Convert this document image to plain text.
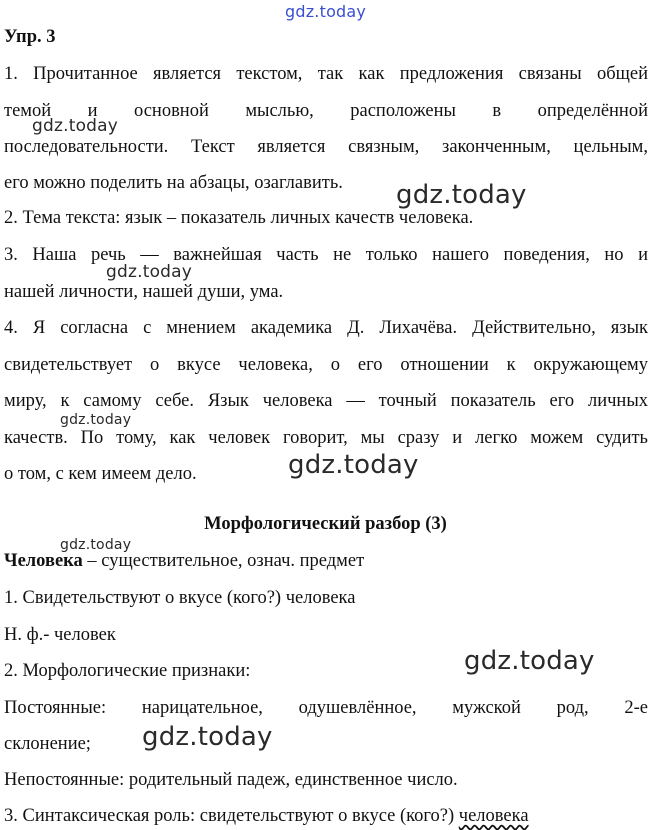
gdz.today
gdz.today
gdz.today
gdz.today
gdz.today
gdz.today
gdz.today
gdz.today
gdz.today
Упр. 3
1. Прочитанное является текстом, так как предложения связаны общей
темой и основной мыслью, расположены в определённой
последовательности. Текст является связным, законченным, цельным,
его можно поделить на абзацы, озаглавить.
2. Тема текста: язык – показатель личных качеств человека.
3. Наша речь — важнейшая часть не только нашего поведения, но и
нашей личности, нашей души, ума.
4. Я согласна с мнением академика Д. Лихачёва. Действительно, язык
свидетельствует о вкусе человека, о его отношении к окружающему
миру, к самому себе. Язык человека — точный показатель его личных
качеств. По тому, как человек говорит, мы сразу и легко можем судить
о том, с кем имеем дело.
Морфологический разбор (3)
Человека – существительное, означ. предмет
1. Свидетельствуют о вкусе (кого?) человека
Н. ф.- человек
2. Морфологические признаки:
Постоянные: нарицательное, одушевлённое, мужской род, 2-е
склонение;
Непостоянные: родительный падеж, единственное число.
3. Синтаксическая роль: свидетельствуют о вкусе (кого?) человека
